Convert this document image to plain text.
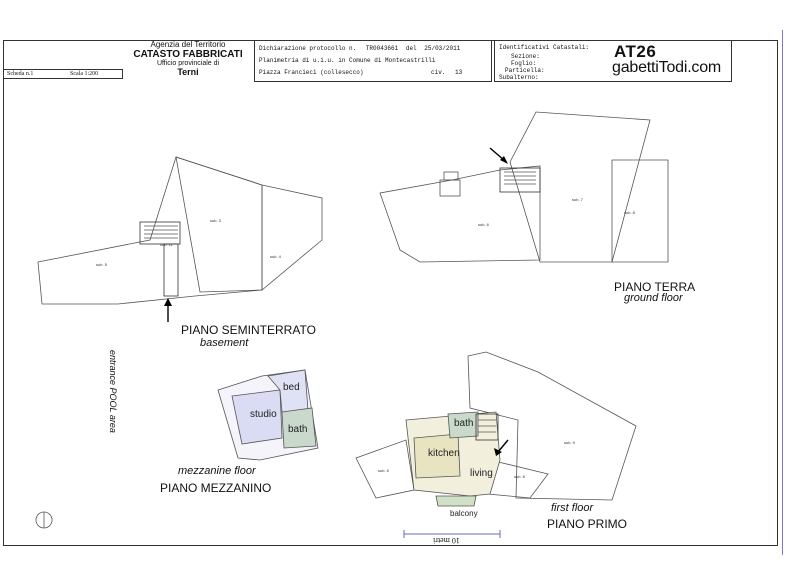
Agenzia del Territorio
CATASTO FABBRICATI
Ufficio provinciale di
Terni
Scheda n.1	Scala 1:200
Dichiarazione protocollo n. TR0043661 del 25/03/2011
Planimetria di u.i.u. in Comune di Montecastrilli
Piazza Francieci (collesecco)	civ. 13
Identificativi Catastali:
Sezione:
Foglio:
Particella:
Subalterno:
AT26
gabettiTodi.com
sub. 5
sub. 3
sub. 4
sub. 11
sub. 6
sub. 7
sub. 8
bed
studio
bath
sub. 9
sub. 6
sub. 8
bath
kitchen
living
balcony
PIANO SEMINTERRATO
basement
PIANO TERRA
ground floor
mezzanine floor
PIANO MEZZANINO
first floor
PIANO PRIMO
entrance POOL area
10 metri
